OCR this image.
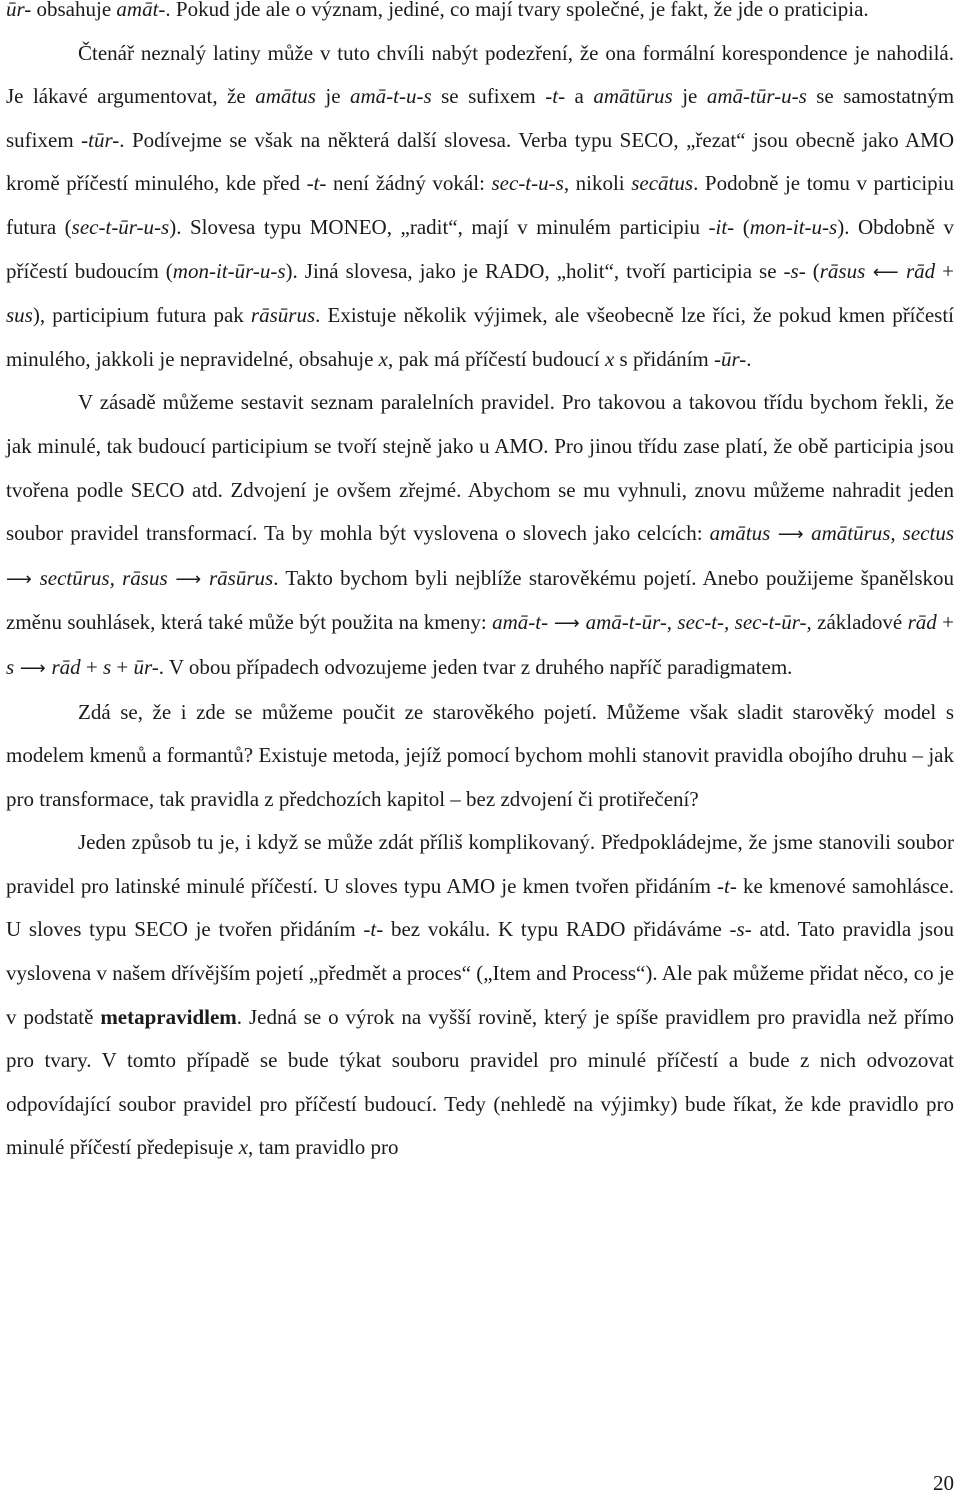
ūr- obsahuje amāt-. Pokud jde ale o význam, jediné, co mají tvary společné, je fakt, že jde o praticipia.

Čtenář neznalý latiny může v tuto chvíli nabýt podezření, že ona formální korespondence je nahodilá. Je lákavé argumentovat, že amātus je amā-t-u-s se sufixem -t- a amātūrus je amā-tūr-u-s se samostatným sufixem -tūr-. Podívejme se však na některá další slovesa. Verba typu SECO, „řezat“ jsou obecně jako AMO kromě příčestí minulého, kde před -t- není žádný vokál: sec-t-u-s, nikoli secātus. Podobně je tomu v participiu futura (sec-t-ūr-u-s). Slovesa typu MONEO, „radit“, mají v minulém participiu -it- (mon-it-u-s). Obdobně v příčestí budoucím (mon-it-ūr-u-s). Jiná slovesa, jako je RADO, „holit“, tvoří participia se -s- (rāsus ⟵ rād + sus), participium futura pak rāsūrus. Existuje několik výjimek, ale všeobecně lze říci, že pokud kmen příčestí minulého, jakkoli je nepravidelné, obsahuje x, pak má příčestí budoucí x s přidáním -ūr-.

V zásadě můžeme sestavit seznam paralelních pravidel. Pro takovou a takovou třídu bychom řekli, že jak minulé, tak budoucí participium se tvoří stejně jako u AMO. Pro jinou třídu zase platí, že obě participia jsou tvořena podle SECO atd. Zdvojení je ovšem zřejmé. Abychom se mu vyhnuli, znovu můžeme nahradit jeden soubor pravidel transformací. Ta by mohla být vyslovena o slovech jako celcích: amātus ⟶ amātūrus, sectus ⟶ sectūrus, rāsus ⟶ rāsūrus. Takto bychom byli nejblíže starověkému pojetí. Anebo použijeme španělskou změnu souhlásek, která také může být použita na kmeny: amā-t- ⟶ amā-t-ūr-, sec-t-, sec-t-ūr-, základové rād + s ⟶ rād + s + ūr-. V obou případech odvozujeme jeden tvar z druhého napříč paradigmatem.

Zdá se, že i zde se můžeme poučit ze starověkého pojetí. Můžeme však sladit starověký model s modelem kmenů a formantů? Existuje metoda, jejíž pomocí bychom mohli stanovit pravidla obojího druhu – jak pro transformace, tak pravidla z předchozích kapitol – bez zdvojení či protiřečení?

Jeden způsob tu je, i když se může zdát příliš komplikovaný. Předpokládejme, že jsme stanovili soubor pravidel pro latinské minulé příčestí. U sloves typu AMO je kmen tvořen přidáním -t- ke kmenové samohlásce. U sloves typu SECO je tvořen přidáním -t- bez vokálu. K typu RADO přidáváme -s- atd. Tato pravidla jsou vyslovena v našem dřívějším pojetí „předmět a proces“ („Item and Process“). Ale pak můžeme přidat něco, co je v podstatě metapravidlem. Jedná se o výrok na vyšší rovině, který je spíše pravidlem pro pravidla než přímo pro tvary. V tomto případě se bude týkat souboru pravidel pro minulé příčestí a bude z nich odvozovat odpovídající soubor pravidel pro příčestí budoucí. Tedy (nehledě na výjimky) bude říkat, že kde pravidlo pro minulé příčestí předepisuje x, tam pravidlo pro

20
